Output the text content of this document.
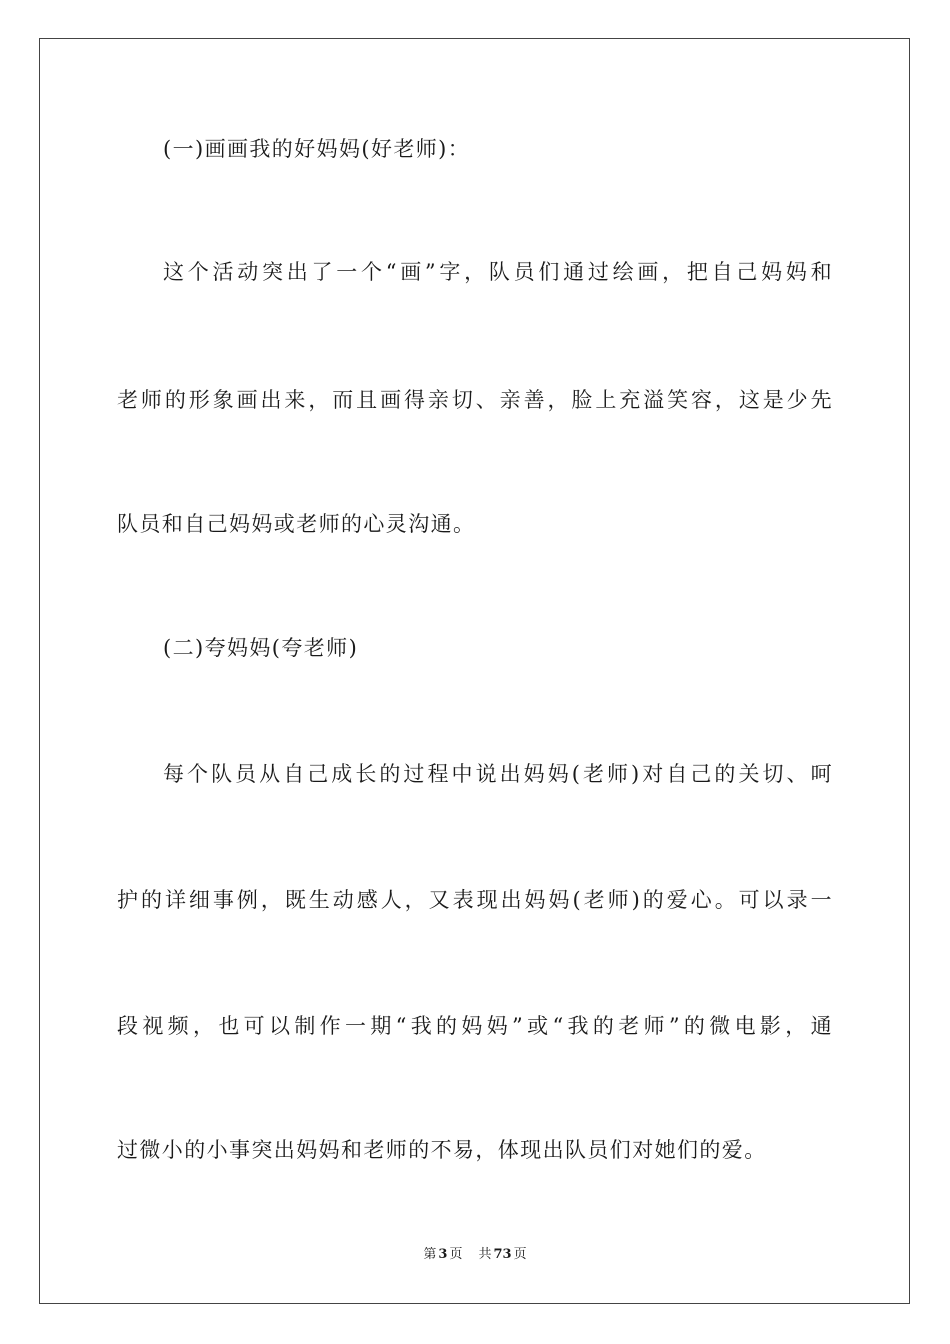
(一)画画我的好妈妈(好老师)：
这个活动突出了一个“画”字，队员们通过绘画，把自己妈妈和
老师的形象画出来，而且画得亲切、亲善，脸上充溢笑容，这是少先
队员和自己妈妈或老师的心灵沟通。
(二)夸妈妈(夸老师)
每个队员从自己成长的过程中说出妈妈(老师)对自己的关切、呵
护的详细事例，既生动感人，又表现出妈妈(老师)的爱心。可以录一
段视频，也可以制作一期“我的妈妈”或“我的老师”的微电影，通
过微小的小事突出妈妈和老师的不易，体现出队员们对她们的爱。
第 3 页 共 73 页
